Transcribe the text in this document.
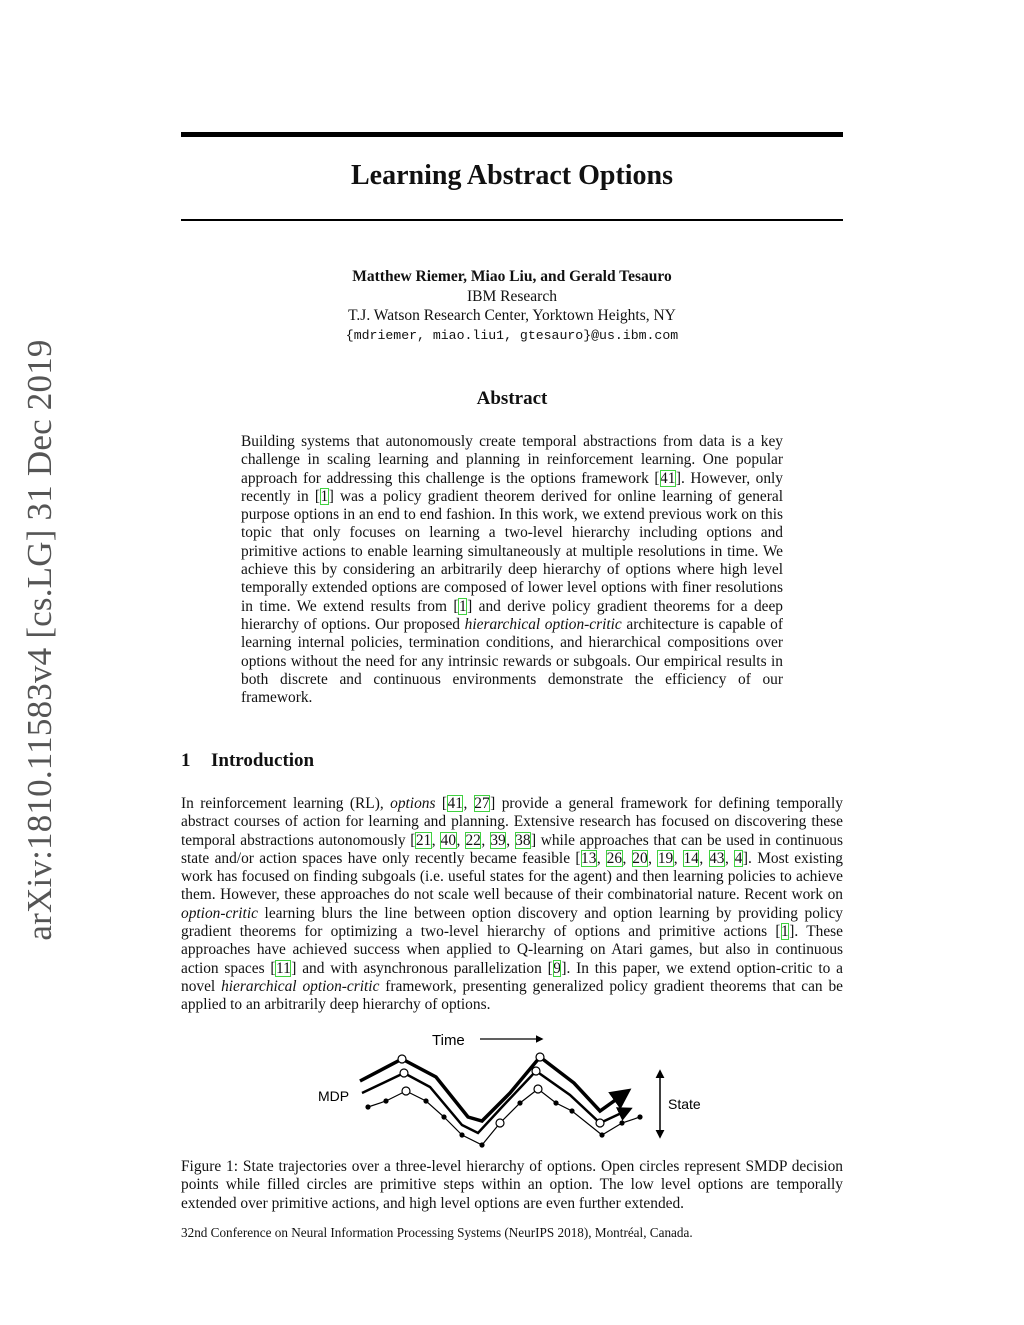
arXiv:1810.11583v4 [cs.LG] 31 Dec 2019
Learning Abstract Options
Matthew Riemer, Miao Liu, and Gerald Tesauro
IBM Research
T.J. Watson Research Center, Yorktown Heights, NY
{mdriemer, miao.liu1, gtesauro}@us.ibm.com
Abstract

Building systems that autonomously create temporal abstractions from data is a key challenge in scaling learning and planning in reinforcement learning. One popular approach for addressing this challenge is the options framework [41]. However, only recently in [1] was a policy gradient theorem derived for online learning of general purpose options in an end to end fashion. In this work, we extend previous work on this topic that only focuses on learning a two-level hierarchy including options and primitive actions to enable learning simultaneously at multiple resolutions in time. We achieve this by considering an arbitrarily deep hierarchy of options where high level temporally extended options are composed of lower level options with finer resolutions in time. We extend results from [1] and derive policy gradient theorems for a deep hierarchy of options. Our proposed hierarchical option-critic architecture is capable of learning internal policies, termination conditions, and hierarchical compositions over options without the need for any intrinsic rewards or subgoals. Our empirical results in both discrete and continuous environments demonstrate the efficiency of our framework.

1 Introduction

In reinforcement learning (RL), options [41, 27] provide a general framework for defining temporally abstract courses of action for learning and planning. Extensive research has focused on discovering these temporal abstractions autonomously [21, 40, 22, 39, 38] while approaches that can be used in continuous state and/or action spaces have only recently became feasible [13, 26, 20, 19, 14, 43, 4]. Most existing work has focused on finding subgoals (i.e. useful states for the agent) and then learning policies to achieve them. However, these approaches do not scale well because of their combinatorial nature. Recent work on option-critic learning blurs the line between option discovery and option learning by providing policy gradient theorems for optimizing a two-level hierarchy of options and primitive actions [1]. These approaches have achieved success when applied to Q-learning on Atari games, but also in continuous action spaces [11] and with asynchronous parallelization [9]. In this paper, we extend option-critic to a novel hierarchical option-critic framework, presenting generalized policy gradient theorems that can be applied to an arbitrarily deep hierarchy of options.

Time
MDP	State

Figure 1: State trajectories over a three-level hierarchy of options. Open circles represent SMDP decision points while filled circles are primitive steps within an option. The low level options are temporally extended over primitive actions, and high level options are even further extended.

32nd Conference on Neural Information Processing Systems (NeurIPS 2018), Montréal, Canada.
